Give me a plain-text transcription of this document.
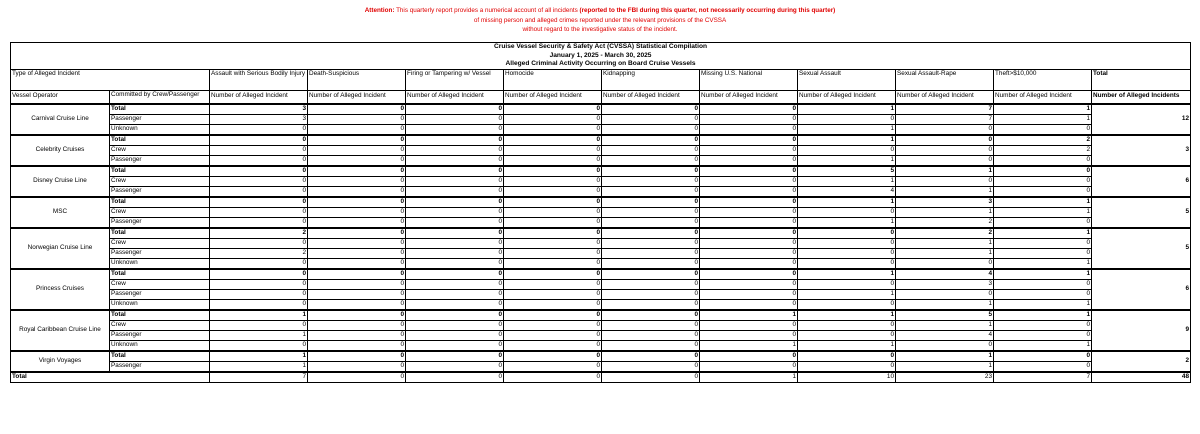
Attention: This quarterly report provides a numerical account of all incidents (reported to the FBI during this quarter, not necessarily occurring during this quarter)
of missing person and alleged crimes reported under the relevant provisions of the CVSSA
without regard to the investigative status of the incident.
Cruise Vessel Security & Safety Act (CVSSA) Statistical Compilation
January 1, 2025 - March 30, 2025
Alleged Criminal Activity Occurring on Board Cruise Vessels											

Type of Alleged Incident		Assault with Serious Bodily Injury	Death-Suspicious	Firing or Tampering w/ Vessel	Homocide	Kidnapping	Missing U.S. National	Sexual Assault	Sexual Assault-Rape	Theft>$10,000	Total
Vessel Operator	Committed by Crew/Passenger	Number of Alleged Incident	Number of Alleged Incident	Number of Alleged Incident	Number of Alleged Incident	Number of Alleged Incident	Number of Alleged Incident	Number of Alleged Incident	Number of Alleged Incident	Number of Alleged Incident	Number of Alleged Incidents
Carnival Cruise Line	Total	3	0	0	0	0	0	1	7	1	12
	Passenger	3	0	0	0	0	0	0	7	1	
	Unknown	0	0	0	0	0	0	1	0	0	
Celebrity Cruises	Total	0	0	0	0	0	0	1	0	2	3
	Crew	0	0	0	0	0	0	0	0	2	
	Passenger	0	0	0	0	0	0	1	0	0	
Disney Cruise Line	Total	0	0	0	0	0	0	5	1	0	6
	Crew	0	0	0	0	0	0	1	0	0	
	Passenger	0	0	0	0	0	0	4	1	0	
MSC	Total	0	0	0	0	0	0	1	3	1	5
	Crew	0	0	0	0	0	0	0	1	1	
	Passenger	0	0	0	0	0	0	1	2	0	
Norwegian Cruise Line	Total	2	0	0	0	0	0	0	2	1	5
	Crew	0	0	0	0	0	0	0	1	0	
	Passenger	2	0	0	0	0	0	0	1	0	
	Unknown	0	0	0	0	0	0	0	0	1	
Princess Cruises	Total	0	0	0	0	0	0	1	4	1	6
	Crew	0	0	0	0	0	0	0	3	0	
	Passenger	0	0	0	0	0	0	1	0	0	
	Unknown	0	0	0	0	0	0	0	1	1	
Royal Caribbean Cruise Line	Total	1	0	0	0	0	1	1	5	1	9
	Crew	0	0	0	0	0	0	0	1	0	
	Passenger	1	0	0	0	0	0	0	4	0	
	Unknown	0	0	0	0	0	1	1	0	1	
Virgin Voyages	Total	1	0	0	0	0	0	0	1	0	2
	Passenger	1	0	0	0	0	0	0	1	0	
Total		7	0	0	0	0	1	10	23	7	48
